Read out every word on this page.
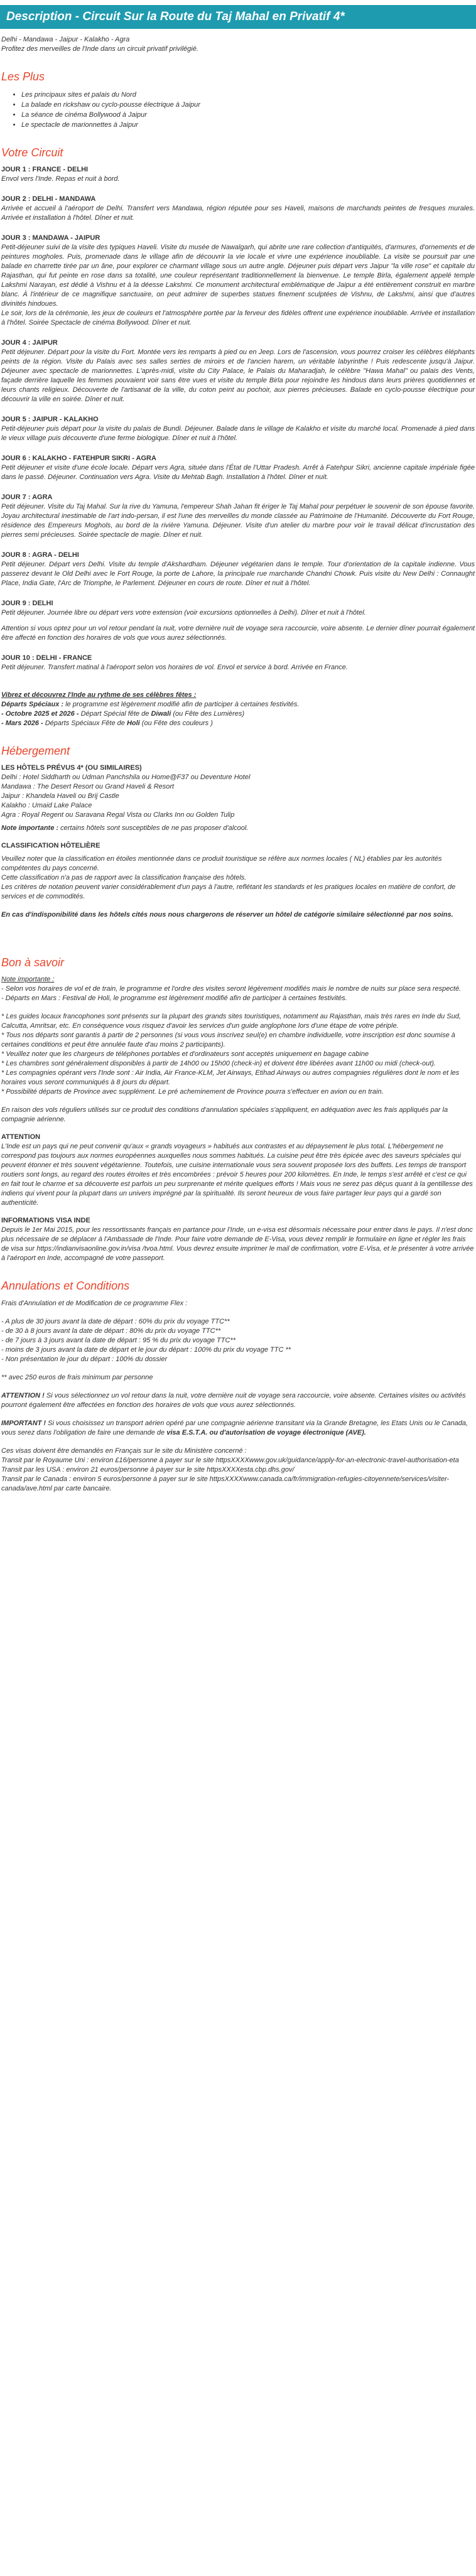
Description - Circuit Sur la Route du Taj Mahal en Privatif 4*

Delhi - Mandawa - Jaipur - Kalakho - Agra

Profitez des merveilles de l'Inde dans un circuit privatif privilégié.

Les Plus
• Les principaux sites et palais du Nord
• La balade en rickshaw ou cyclo-pousse électrique à Jaipur
• La séance de cinéma Bollywood à Jaipur
• Le spectacle de marionnettes à Jaipur
Votre Circuit

JOUR 1 : FRANCE - DELHI

Envol vers l'Inde. Repas et nuit à bord.

JOUR 2 : DELHI - MANDAWA

Arrivée et accueil à l'aéroport de Delhi. Transfert vers Mandawa, région réputée pour ses Haveli, maisons de marchands peintes de fresques murales. Arrivée et installation à l'hôtel. Dîner et nuit.

JOUR 3 : MANDAWA - JAIPUR

Petit-déjeuner suivi de la visite des typiques Haveli. Visite du musée de Nawalgarh, qui abrite une rare collection d'antiquités, d'armures, d'ornements et de peintures mogholes. Puis, promenade dans le village afin de découvrir la vie locale et vivre une expérience inoubliable. La visite se poursuit par une balade en charrette tirée par un âne, pour explorer ce charmant village sous un autre angle. Déjeuner puis départ vers Jaipur "la ville rose" et capitale du Rajasthan, qui fut peinte en rose dans sa totalité, une couleur représentant traditionnellement la bienvenue. Le temple Birla, également appelé temple Lakshmi Narayan, est dédié à Vishnu et à la déesse Lakshmi. Ce monument architectural emblématique de Jaipur a été entièrement construit en marbre blanc. À l'intérieur de ce magnifique sanctuaire, on peut admirer de superbes statues finement sculptées de Vishnu, de Lakshmi, ainsi que d'autres divinités hindoues.

Le soir, lors de la cérémonie, les jeux de couleurs et l'atmosphère portée par la ferveur des fidèles offrent une expérience inoubliable. Arrivée et installation à l'hôtel. Soirée Spectacle de cinéma Bollywood. Dîner et nuit.

JOUR 4 : JAIPUR

Petit déjeuner. Départ pour la visite du Fort. Montée vers les remparts à pied ou en Jeep. Lors de l'ascension, vous pourrez croiser les célèbres éléphants peints de la région. Visite du Palais avec ses salles serties de miroirs et de l'ancien harem, un véritable labyrinthe ! Puis redescente jusqu'à Jaipur. Déjeuner avec spectacle de marionnettes. L'après-midi, visite du City Palace, le Palais du Maharadjah, le célèbre "Hawa Mahal" ou palais des Vents, façade derrière laquelle les femmes pouvaient voir sans être vues et visite du temple Birla pour rejoindre les hindous dans leurs prières quotidiennes et leurs chants religieux. Découverte de l'artisanat de la ville, du coton peint au pochoir, aux pierres précieuses. Balade en cyclo-pousse électrique pour découvrir la ville en soirée. Dîner et nuit.

JOUR 5 : JAIPUR - KALAKHO

Petit-déjeuner puis départ pour la visite du palais de Bundi. Déjeuner. Balade dans le village de Kalakho et visite du marché local. Promenade à pied dans le vieux village puis découverte d'une ferme biologique. Dîner et nuit à l'hôtel.

JOUR 6 : KALAKHO - FATEHPUR SIKRI - AGRA

Petit déjeuner et visite d'une école locale. Départ vers Agra, située dans l'État de l'Uttar Pradesh. Arrêt à Fatehpur Sikri, ancienne capitale impériale figée dans le passé. Déjeuner. Continuation vers Agra. Visite du Mehtab Bagh. Installation à l'hôtel. Dîner et nuit.

JOUR 7 : AGRA

Petit déjeuner. Visite du Taj Mahal. Sur la rive du Yamuna, l'empereur Shah Jahan fit ériger le Taj Mahal pour perpétuer le souvenir de son épouse favorite. Joyau architectural inestimable de l'art indo-persan, il est l'une des merveilles du monde classée au Patrimoine de l'Humanité. Découverte du Fort Rouge, résidence des Empereurs Moghols, au bord de la rivière Yamuna. Déjeuner. Visite d'un atelier du marbre pour voir le travail délicat d'incrustation des pierres semi précieuses. Soirée spectacle de magie. Dîner et nuit.

JOUR 8 : AGRA - DELHI

Petit déjeuner. Départ vers Delhi. Visite du temple d'Akshardham. Déjeuner végétarien dans le temple. Tour d'orientation de la capitale indienne. Vous passerez devant le Old Delhi avec le Fort Rouge, la porte de Lahore, la principale rue marchande Chandni Chowk. Puis visite du New Delhi : Connaught Place, India Gate, l'Arc de Triomphe, le Parlement. Déjeuner en cours de route. Dîner et nuit à l'hôtel.

JOUR 9 : DELHI

Petit déjeuner. Journée libre ou départ vers votre extension (voir excursions optionnelles à Delhi). Dîner et nuit à l'hôtel.

Attention si vous optez pour un vol retour pendant la nuit, votre dernière nuit de voyage sera raccourcie, voire absente. Le dernier dîner pourrait également être affecté en fonction des horaires de vols que vous aurez sélectionnés.

JOUR 10 : DELHI - FRANCE

Petit déjeuner. Transfert matinal à l'aéroport selon vos horaires de vol. Envol et service à bord. Arrivée en France.

Vibrez et découvrez l'Inde au rythme de ses célèbres fêtes :

Départs Spéciaux : le programme est légèrement modifié afin de participer à certaines festivités.

- Octobre 2025 et 2026 - Départ Spécial fête de Diwali (ou Fête des Lumières)

- Mars 2026 - Départs Spéciaux Fête de Holi (ou Fête des couleurs )

Hébergement

LES HÔTELS PRÉVUS 4* (OU SIMILAIRES)

Delhi : Hotel Siddharth ou Udman Panchshila ou Home@F37 ou Deventure Hotel

Mandawa : The Desert Resort ou Grand Haveli & Resort

Jaipur : Khandela Haveli ou Brij Castle

Kalakho : Umaid Lake Palace

Agra : Royal Regent ou Saravana Regal Vista ou Clarks Inn ou Golden Tulip

Note importante : certains hôtels sont susceptibles de ne pas proposer d'alcool.

CLASSIFICATION HÔTELIÈRE

Veuillez noter que la classification en étoiles mentionnée dans ce produit touristique se réfère aux normes locales ( NL) établies par les autorités compétentes du pays concerné.

Cette classification n'a pas de rapport avec la classification française des hôtels.

Les critères de notation peuvent varier considérablement d'un pays à l'autre, reflétant les standards et les pratiques locales en matière de confort, de services et de commodités.

En cas d'indisponibilité dans les hôtels cités nous nous chargerons de réserver un hôtel de catégorie similaire sélectionné par nos soins.

Bon à savoir

Note importante :

- Selon vos horaires de vol et de train, le programme et l'ordre des visites seront légèrement modifiés mais le nombre de nuits sur place sera respecté.

- Départs en Mars : Festival de Holi, le programme est légèrement modifié afin de participer à certaines festivités.

* Les guides locaux francophones sont présents sur la plupart des grands sites touristiques, notamment au Rajasthan, mais très rares en Inde du Sud, Calcutta, Amritsar, etc. En conséquence vous risquez d'avoir les services d'un guide anglophone lors d'une étape de votre périple.

* Tous nos départs sont garantis à partir de 2 personnes (si vous vous inscrivez seul(e) en chambre individuelle, votre inscription est donc soumise à certaines conditions et peut être annulée faute d'au moins 2 participants).

* Veuillez noter que les chargeurs de téléphones portables et d'ordinateurs sont acceptés uniquement en bagage cabine

* Les chambres sont généralement disponibles à partir de 14h00 ou 15h00 (check-in) et doivent être libérées avant 11h00 ou midi (check-out).

* Les compagnies opérant vers l'Inde sont : Air India, Air France-KLM, Jet Airways, Etihad Airways ou autres compagnies régulières dont le nom et les horaires vous seront communiqués à 8 jours du départ.

* Possibilité départs de Province avec supplément. Le pré acheminement de Province pourra s'effectuer en avion ou en train.

En raison des vols réguliers utilisés sur ce produit des conditions d'annulation spéciales s'appliquent, en adéquation avec les frais appliqués par la compagnie aérienne.

ATTENTION

L'Inde est un pays qui ne peut convenir qu'aux « grands voyageurs » habitués aux contrastes et au dépaysement le plus total. L'hébergement ne correspond pas toujours aux normes européennes auxquelles nous sommes habitués. La cuisine peut être très épicée avec des saveurs spéciales qui peuvent étonner et très souvent végétarienne. Toutefois, une cuisine internationale vous sera souvent proposée lors des buffets. Les temps de transport routiers sont longs, au regard des routes étroites et très encombrées : prévoir 5 heures pour 200 kilomètres. En Inde, le temps s'est arrêté et c'est ce qui en fait tout le charme et sa découverte est parfois un peu surprenante et mérite quelques efforts ! Mais vous ne serez pas déçus quant à la gentillesse des indiens qui vivent pour la plupart dans un univers imprégné par la spiritualité. Ils seront heureux de vous faire partager leur pays qui a gardé son authenticité.

INFORMATIONS VISA INDE

Depuis le 1er Mai 2015, pour les ressortissants français en partance pour l'Inde, un e-visa est désormais nécessaire pour entrer dans le pays. Il n'est donc plus nécessaire de se déplacer à l'Ambassade de l'Inde. Pour faire votre demande de E-Visa, vous devez remplir le formulaire en ligne et régler les frais de visa sur https://indianvisaonline.gov.in/visa /tvoa.html. Vous devrez ensuite imprimer le mail de confirmation, votre E-Visa, et le présenter à votre arrivée à l'aéroport en Inde, accompagné de votre passeport.

Annulations et Conditions

Frais d'Annulation et de Modification de ce programme Flex :

- A plus de 30 jours avant la date de départ : 60% du prix du voyage TTC**

- de 30 à 8 jours avant la date de départ : 80% du prix du voyage TTC**

- de 7 jours à 3 jours avant la date de départ : 95 % du prix du voyage TTC**

- moins de 3 jours avant la date de départ et le jour du départ : 100% du prix du voyage TTC **

- Non présentation le jour du départ : 100% du dossier

** avec 250 euros de frais minimum par personne

ATTENTION ! Si vous sélectionnez un vol retour dans la nuit, votre dernière nuit de voyage sera raccourcie, voire absente. Certaines visites ou activités pourront également être affectées en fonction des horaires de vols que vous aurez sélectionnés.

IMPORTANT ! Si vous choisissez un transport aérien opéré par une compagnie aérienne transitant via la Grande Bretagne, les Etats Unis ou le Canada, vous serez dans l'obligation de faire une demande de visa E.S.T.A. ou d'autorisation de voyage électronique (AVE).

Ces visas doivent être demandés en Français sur le site du Ministère concerné :

Transit par le Royaume Uni : environ £16/personne à payer sur le site httpsXXXXwww.gov.uk/guidance/apply-for-an-electronic-travel-authorisation-eta

Transit par les USA : environ 21 euros/personne à payer sur le site httpsXXXXesta.cbp.dhs.gov/

Transit par le Canada : environ 5 euros/personne à payer sur le site httpsXXXXwww.canada.ca/fr/immigration-refugies-citoyennete/services/visiter-canada/ave.html par carte bancaire.
